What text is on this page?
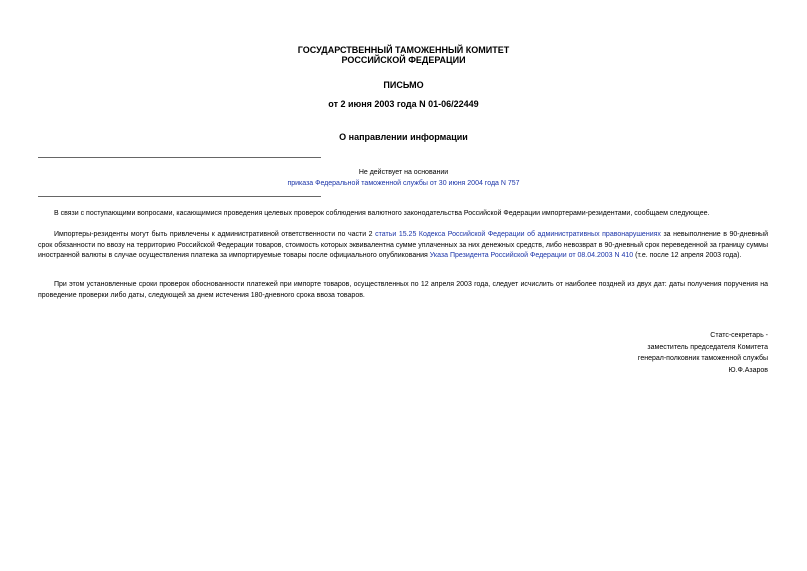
ГОСУДАРСТВЕННЫЙ ТАМОЖЕННЫЙ КОМИТЕТ
РОССИЙСКОЙ ФЕДЕРАЦИИ
ПИСЬМО
от 2 июня 2003 года N 01-06/22449
О направлении информации
Не действует на основании
приказа Федеральной таможенной службы от 30 июня 2004 года N 757
В связи с поступающими вопросами, касающимися проведения целевых проверок соблюдения валютного законодательства Российской Федерации импортерами-резидентами, сообщаем следующее.
Импортеры-резиденты могут быть привлечены к административной ответственности по части 2 статьи 15.25 Кодекса Российской Федерации об административных правонарушениях за невыполнение в 90-дневный срок обязанности по ввозу на территорию Российской Федерации товаров, стоимость которых эквивалентна сумме уплаченных за них денежных средств, либо невозврат в 90-дневный срок переведенной за границу суммы иностранной валюты в случае осуществления платежа за импортируемые товары после официального опубликования Указа Президента Российской Федерации от 08.04.2003 N 410 (т.е. после 12 апреля 2003 года).
При этом установленные сроки проверок обоснованности платежей при импорте товаров, осуществленных по 12 апреля 2003 года, следует исчислить от наиболее поздней из двух дат: даты получения поручения на проведение проверки либо даты, следующей за днем истечения 180-дневного срока ввоза товаров.
Статс-секретарь -
заместитель председателя Комитета
генерал-полковник таможенной службы
Ю.Ф.Азаров
